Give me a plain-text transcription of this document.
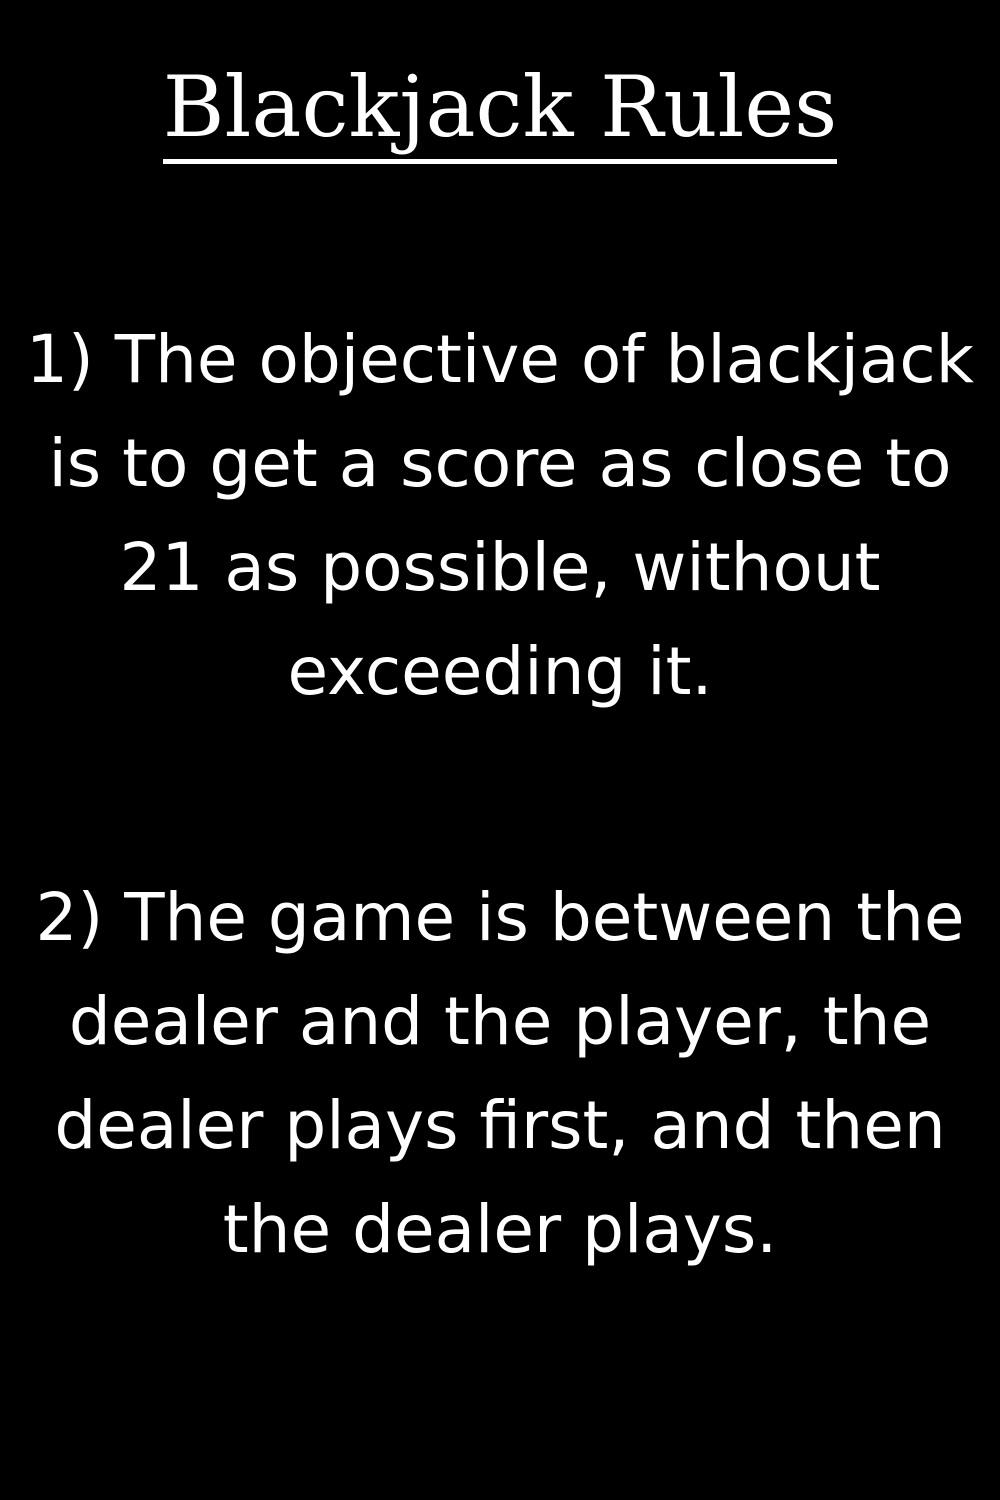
Blackjack Rules

1) The objective of blackjack
is to get a score as close to
21 as possible, without
exceeding it.

2) The game is between the
dealer and the player, the
dealer plays first, and then
the dealer plays.
